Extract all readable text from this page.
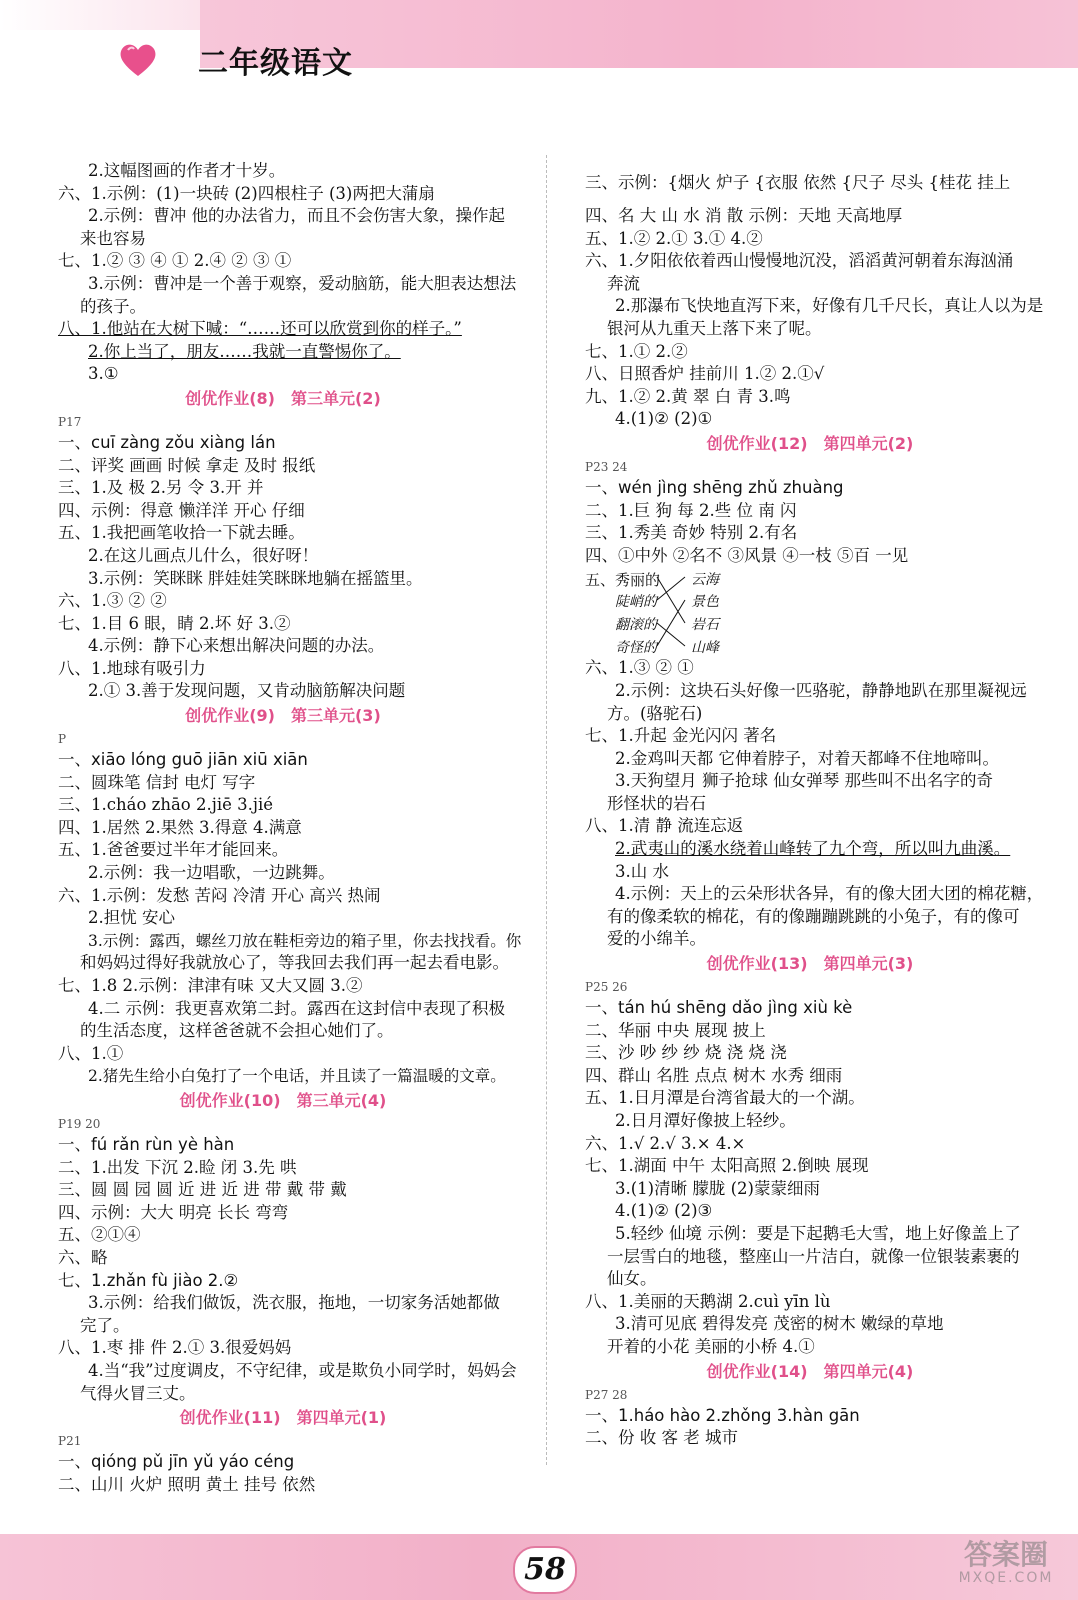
二年级语文
2.这幅图画的作者才十岁。
六、1.示例：(1)一块砖 (2)四根柱子 (3)两把大蒲扇
2.示例：曹冲 他的办法省力，而且不会伤害大象，操作起
来也容易
七、1.② ③ ④ ① 2.④ ② ③ ①
3.示例：曹冲是一个善于观察，爱动脑筋，能大胆表达想法
的孩子。
八、1.他站在大树下喊：“……还可以欣赏到你的样子。”
2.你上当了，朋友……我就一直警惕你了。
3.①
创优作业(8)　第三单元(2)
P17
一、cuī zàng zǒu xiàng lán
二、评奖 画画 时候 拿走 及时 报纸
三、1.及 极 2.另 令 3.开 并
四、示例：得意 懒洋洋 开心 仔细
五、1.我把画笔收拾一下就去睡。
2.在这儿画点儿什么，很好呀！
3.示例：笑眯眯 胖娃娃笑眯眯地躺在摇篮里。
六、1.③ ② ②
七、1.目 6 眼，睛 2.坏 好 3.②
4.示例：静下心来想出解决问题的办法。
八、1.地球有吸引力
2.① 3.善于发现问题，又肯动脑筋解决问题
创优作业(9)　第三单元(3)
P
一、xiāo lóng guō jiān xiū xiān
二、圆珠笔 信封 电灯 写字
三、1.cháo zhāo 2.jiē 3.jié
四、1.居然 2.果然 3.得意 4.满意
五、1.爸爸要过半年才能回来。
2.示例：我一边唱歌，一边跳舞。
六、1.示例：发愁 苦闷 冷清 开心 高兴 热闹
2.担忧 安心
3.示例：露西，螺丝刀放在鞋柜旁边的箱子里，你去找找看。你
和妈妈过得好我就放心了，等我回去我们再一起去看电影。
七、1.8 2.示例：津津有味 又大又圆 3.②
4.二 示例：我更喜欢第二封。露西在这封信中表现了积极
的生活态度，这样爸爸就不会担心她们了。
八、1.①
2.猪先生给小白兔打了一个电话，并且读了一篇温暖的文章。
创优作业(10)　第三单元(4)
P19 20
一、fú rǎn rùn yè hàn
二、1.出发 下沉 2.睑 闭 3.先 哄
三、圆 圆 园 圆 近 进 近 进 带 戴 带 戴
四、示例：大大 明亮 长长 弯弯
五、②①④
六、略
七、1.zhǎn fù jiào 2.②
3.示例：给我们做饭，洗衣服，拖地，一切家务活她都做
完了。
八、1.枣 排 件 2.① 3.很爱妈妈
4.当“我”过度调皮，不守纪律，或是欺负小同学时，妈妈会
气得火冒三丈。
创优作业(11)　第四单元(1)
P21
一、qióng pǔ jīn yǔ yáo céng
二、山川 火炉 照明 黄土 挂号 依然
三、示例：{烟火 炉子 {衣服 依然 {尺子 尽头 {桂花 挂上
四、名 大 山 水 消 散 示例：天地 天高地厚
五、1.② 2.① 3.① 4.②
六、1.夕阳依依着西山慢慢地沉没，滔滔黄河朝着东海汹涌
奔流
2.那瀑布飞快地直泻下来，好像有几千尺长，真让人以为是
银河从九重天上落下来了呢。
七、1.① 2.②
八、日照香炉 挂前川 1.② 2.①√
九、1.② 2.黄 翠 白 青 3.鸣
4.(1)② (2)①
创优作业(12)　第四单元(2)
P23 24
一、wén jìng shēng zhǔ zhuàng
二、1.巨 狗 每 2.些 位 南 闪
三、1.秀美 奇妙 特别 2.有名
四、①中外 ②名不 ③风景 ④一枝 ⑤百 一见
五、秀丽的
陡峭的
翻滚的
奇怪的
云海
景色
岩石
山峰
六、1.③ ② ①
2.示例：这块石头好像一匹骆驼，静静地趴在那里凝视远
方。(骆驼石)
七、1.升起 金光闪闪 著名
2.金鸡叫天都 它伸着脖子，对着天都峰不住地啼叫。
3.天狗望月 狮子抢球 仙女弹琴 那些叫不出名字的奇
形怪状的岩石
八、1.清 静 流连忘返
2.武夷山的溪水绕着山峰转了九个弯，所以叫九曲溪。
3.山 水
4.示例：天上的云朵形状各异，有的像大团大团的棉花糖，
有的像柔软的棉花，有的像蹦蹦跳跳的小兔子，有的像可
爱的小绵羊。
创优作业(13)　第四单元(3)
P25 26
一、tán hú shēng dǎo jìng xiù kè
二、华丽 中央 展现 披上
三、沙 吵 纱 纱 烧 浇 烧 浇
四、群山 名胜 点点 树木 水秀 细雨
五、1.日月潭是台湾省最大的一个湖。
2.日月潭好像披上轻纱。
六、1.√ 2.√ 3.× 4.×
七、1.湖面 中午 太阳高照 2.倒映 展现
3.(1)清晰 朦胧 (2)蒙蒙细雨
4.(1)② (2)③
5.轻纱 仙境 示例：要是下起鹅毛大雪，地上好像盖上了
一层雪白的地毯，整座山一片洁白，就像一位银装素裹的
仙女。
八、1.美丽的天鹅湖 2.cuì yīn lù
3.清可见底 碧得发亮 茂密的树木 嫩绿的草地
开着的小花 美丽的小桥 4.①
创优作业(14)　第四单元(4)
P27 28
一、1.háo hào 2.zhǒng 3.hàn gān
二、份 收 客 老 城市
58	答案圈
MXQE.COM
